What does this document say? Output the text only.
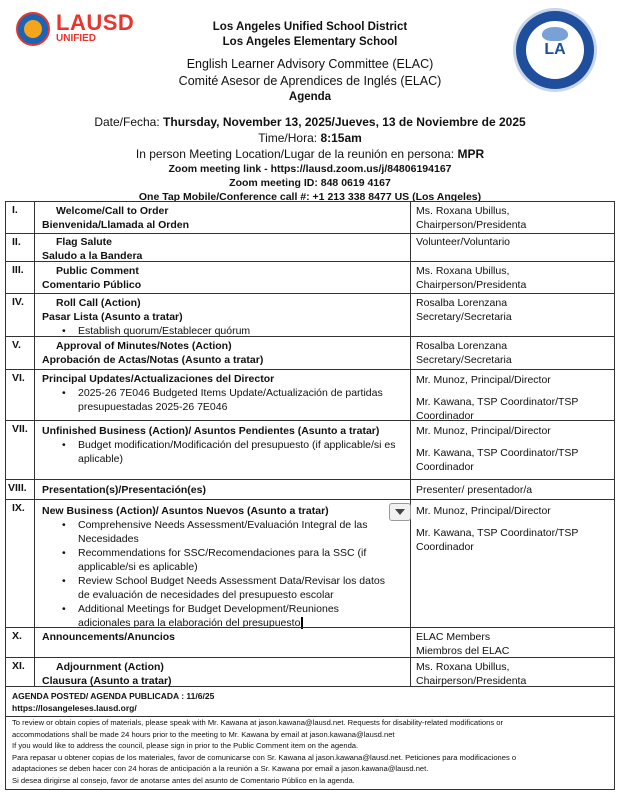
LAUSD
UNIFIED
LA
Los Angeles Unified School District
Los Angeles Elementary School
English Learner Advisory Committee (ELAC)
Comité Asesor de Aprendices de Inglés (ELAC)
Agenda
Date/Fecha: Thursday, November 13, 2025/Jueves, 13 de Noviembre de 2025
Time/Hora: 8:15am
In person Meeting Location/Lugar de la reunión en persona: MPR
Zoom meeting link - https://lausd.zoom.us/j/84806194167
Zoom meeting ID: 848 0619 4167
One Tap Mobile/Conference call #: +1 213 338 8477 US (Los Angeles)
I.	Welcome/Call to Order
Bienvenida/Llamada al Orden
Ms. Roxana Ubillus,
Chairperson/Presidenta
II.	Flag Salute
Saludo a la Bandera
Volunteer/Voluntario
III.	Public Comment
Comentario Público
Ms. Roxana Ubillus,
Chairperson/Presidenta
IV.	Roll Call (Action)
Pasar Lista (Asunto a tratar)
• Establish quorum/Establecer quórum
Rosalba Lorenzana
Secretary/Secretaria
V.	Approval of Minutes/Notes (Action)
Aprobación de Actas/Notas (Asunto a tratar)
Rosalba Lorenzana
Secretary/Secretaria
VI. Principal Updates/Actualizaciones del Director
• 2025-26 7E046 Budgeted Items Update/Actualización de partidas presupuestadas 2025-26 7E046
Mr. Munoz, Principal/Director
Mr. Kawana, TSP Coordinator/TSP Coordinador
VII. Unfinished Business (Action)/ Asuntos Pendientes (Asunto a tratar)
• Budget modification/Modificación del presupuesto (if applicable/si es aplicable)
Mr. Munoz, Principal/Director
Mr. Kawana, TSP Coordinator/TSP Coordinador
VIII. Presentation(s)/Presentación(es)	Presenter/ presentador/a
IX. New Business (Action)/ Asuntos Nuevos (Asunto a tratar)
• Comprehensive Needs Assessment/Evaluación Integral de las Necesidades
• Recommendations for SSC/Recomendaciones para la SSC (if applicable/si es aplicable)
• Review School Budget Needs Assessment Data/Revisar los datos de evaluación de necesidades del presupuesto escolar
• Additional Meetings for Budget Development/Reuniones adicionales para la elaboración del presupuesto
Mr. Munoz, Principal/Director
Mr. Kawana, TSP Coordinator/TSP Coordinador
X. Announcements/Anuncios	ELAC Members
Miembros del ELAC
XI.	Adjournment (Action)
Clausura (Asunto a tratar)
Ms. Roxana Ubillus,
Chairperson/Presidenta
AGENDA POSTED/ AGENDA PUBLICADA : 11/6/25
https://losangeleses.lausd.org/
To review or obtain copies of materials, please speak with Mr. Kawana at jason.kawana@lausd.net. Requests for disability-related modifications or
accommodations shall be made 24 hours prior to the meeting to Mr. Kawana by email at jason.kawana@lausd.net
If you would like to address the council, please sign in prior to the Public Comment item on the agenda.
Para repasar u obtener copias de los materiales, favor de comunicarse con Sr. Kawana al jason.kawana@lausd.net. Peticiones para modificaciones o
adaptaciones se deben hacer con 24 horas de anticipación a la reunión a Sr. Kawana por email a jason.kawana@lausd.net.
Si desea dirigirse al consejo, favor de anotarse antes del asunto de Comentario Público en la agenda.
